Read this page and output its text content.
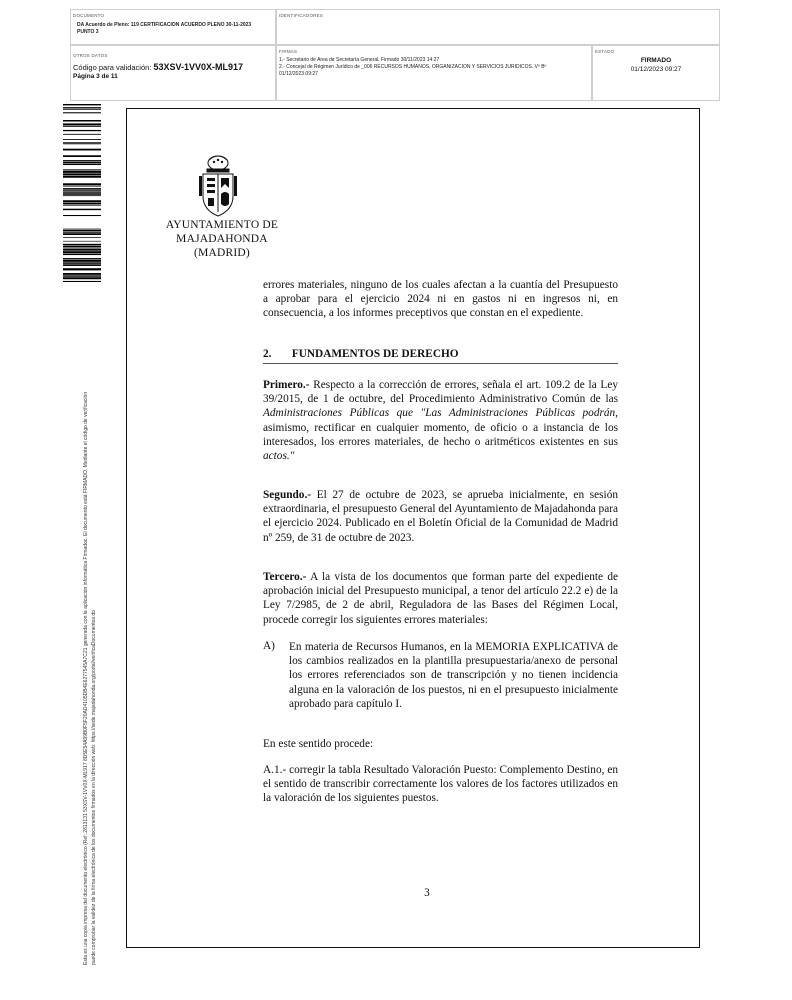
DOCUMENTO
DA Acuerdo de Pleno: 119 CERTIFICACION ACUERDO PLENO 30-11-2023
PUNTO 3
IDENTIFICADORES
OTROS DATOS
Código para validación: 53XSV-1VV0X-ML917
Página 3 de 11
FIRMAS
1.- Secretario de Area de Secretaría General. Firmado 30/11/2023 14:27
2.- Concejal de Régimen Jurídico de _006 RECURSOS HUMANOS, ORGANIZACIÓN Y SERVICIOS JURIDICOS. Vº Bº
01/12/2023 09:27
ESTADO
FIRMADO
01/12/2023 09:27
Esta es una copia impresa del documento electrónico (Ref: 2813131 53XSV-1VV0X-ML917 8D5E54A99B0F5F20AD4105DB4E6277545A7C21 generada con la aplicación informática Firmadoc. El documento está FIRMADO. Mediante el código de verificación puede comprobar la validez de la firma electrónica de los documentos firmados en la dirección web: https://sede.majadahonda.org/portal/verificaDocumentos.do
AYUNTAMIENTO DE
MAJADAHONDA
(MADRID)

errores materiales, ninguno de los cuales afectan a la cuantía del Presupuesto a aprobar para el ejercicio 2024 ni en gastos ni en ingresos ni, en consecuencia, a los informes preceptivos que constan en el expediente.

2. FUNDAMENTOS DE DERECHO

Primero.- Respecto a la corrección de errores, señala el art. 109.2 de la Ley 39/2015, de 1 de octubre, del Procedimiento Administrativo Común de las Administraciones Públicas que "Las Administraciones Públicas podrán, asimismo, rectificar en cualquier momento, de oficio o a instancia de los interesados, los errores materiales, de hecho o aritméticos existentes en sus actos."

Segundo.- El 27 de octubre de 2023, se aprueba inicialmente, en sesión extraordinaria, el presupuesto General del Ayuntamiento de Majadahonda para el ejercicio 2024. Publicado en el Boletín Oficial de la Comunidad de Madrid nº 259, de 31 de octubre de 2023.

Tercero.- A la vista de los documentos que forman parte del expediente de aprobación inicial del Presupuesto municipal, a tenor del artículo 22.2 e) de la Ley 7/2985, de 2 de abril, Reguladora de las Bases del Régimen Local, procede corregir los siguientes errores materiales:

A) En materia de Recursos Humanos, en la MEMORIA EXPLICATIVA de los cambios realizados en la plantilla presupuestaria/anexo de personal los errores referenciados son de transcripción y no tienen incidencia alguna en la valoración de los puestos, ni en el presupuesto inicialmente aprobado para capítulo I.

En este sentido procede:

A.1.- corregir la tabla Resultado Valoración Puesto: Complemento Destino, en el sentido de transcribir correctamente los valores de los factores utilizados en la valoración de los siguientes puestos.

3
